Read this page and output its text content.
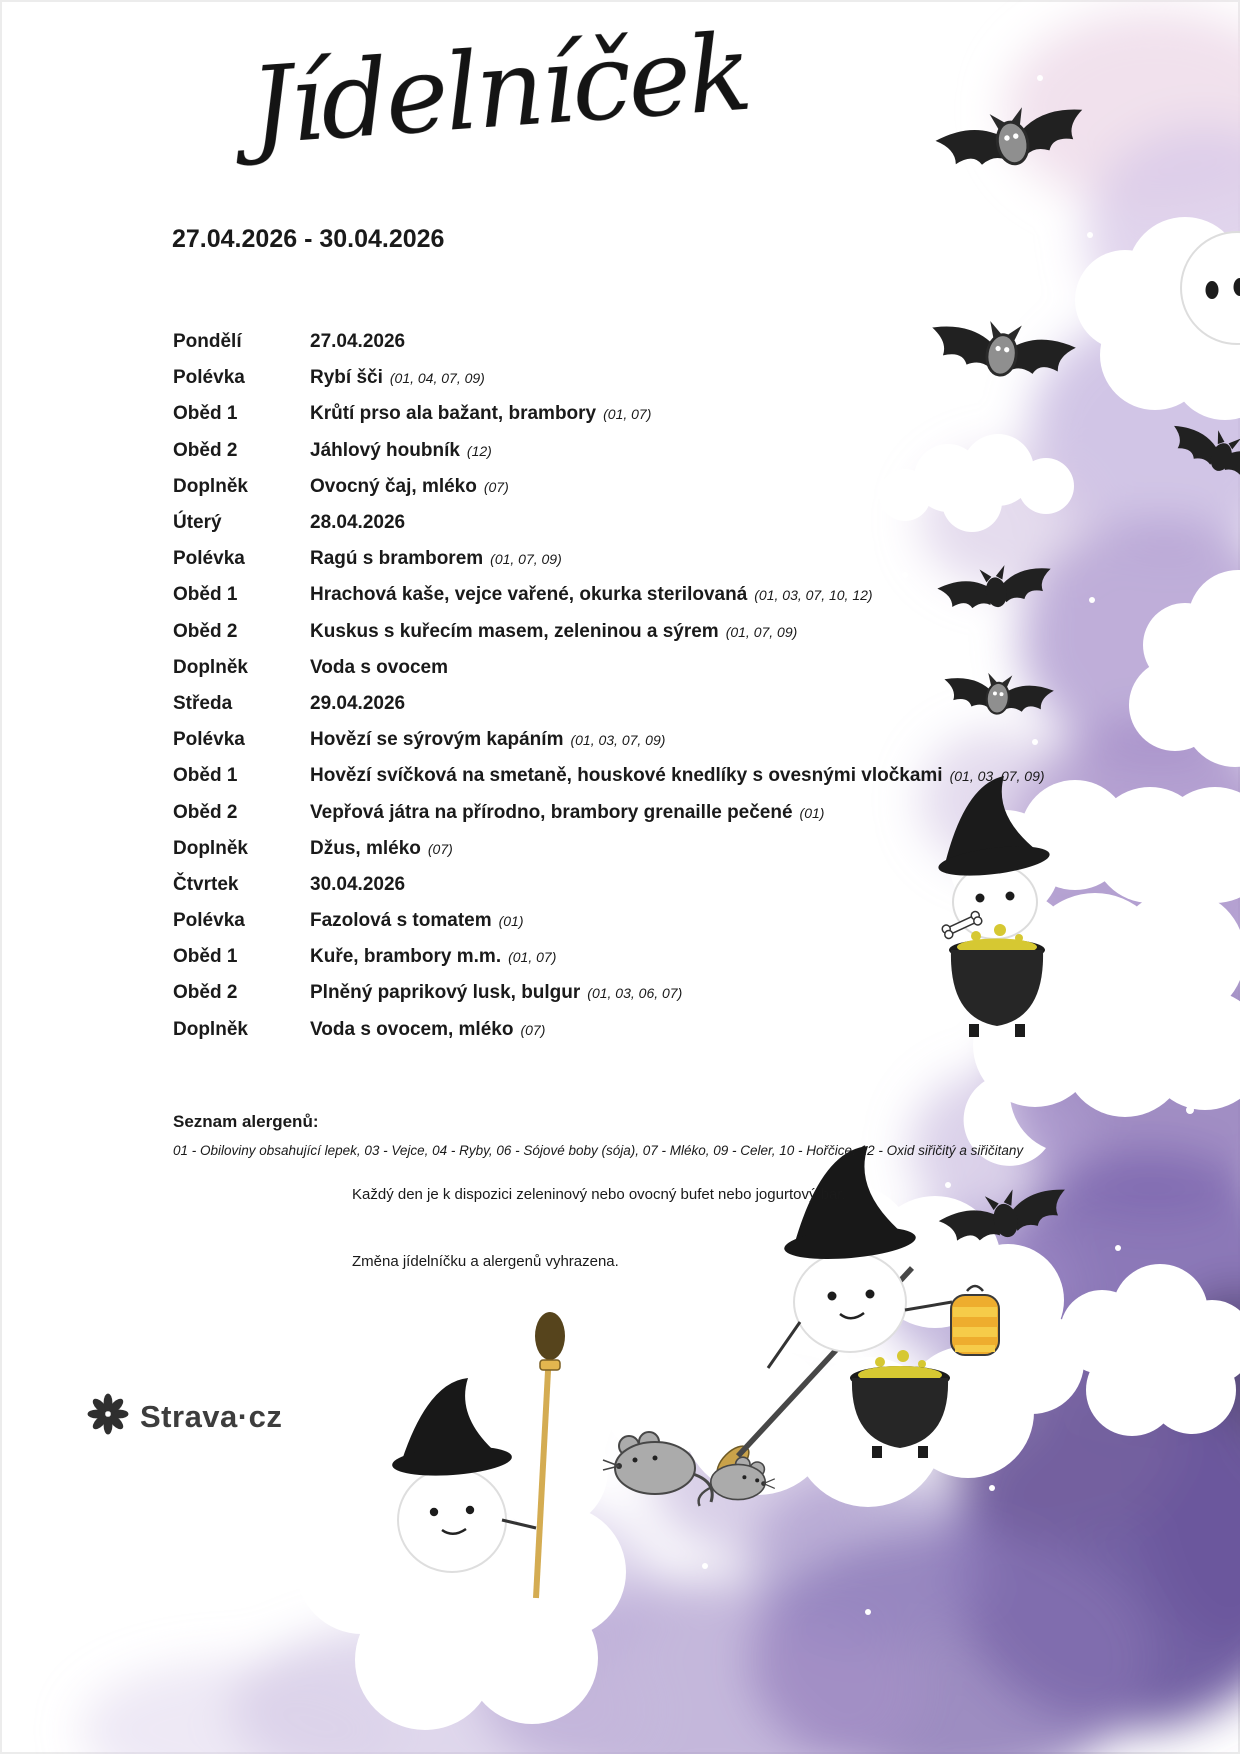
Jídelníček
27.04.2026 - 30.04.2026
Pondělí	27.04.2026
Polévka	Rybí šči (01, 04, 07, 09)
Oběd 1	Krůtí prso ala bažant, brambory (01, 07)
Oběd 2	Jáhlový houbník (12)
Doplněk	Ovocný čaj, mléko (07)
Úterý	28.04.2026
Polévka	Ragú s bramborem (01, 07, 09)
Oběd 1	Hrachová kaše, vejce vařené, okurka sterilovaná (01, 03, 07, 10, 12)
Oběd 2	Kuskus s kuřecím masem, zeleninou a sýrem (01, 07, 09)
Doplněk	Voda s ovocem
Středa	29.04.2026
Polévka	Hovězí se sýrovým kapáním (01, 03, 07, 09)
Oběd 1	Hovězí svíčková na smetaně, houskové knedlíky s ovesnými vločkami (01, 03, 07, 09)
Oběd 2	Vepřová játra na přírodno, brambory grenaille pečené (01)
Doplněk	Džus, mléko (07)
Čtvrtek	30.04.2026
Polévka	Fazolová s tomatem (01)
Oběd 1	Kuře, brambory m.m. (01, 07)
Oběd 2	Plněný paprikový lusk, bulgur (01, 03, 06, 07)
Doplněk	Voda s ovocem, mléko (07)
Seznam alergenů:
01 - Obiloviny obsahující lepek, 03 - Vejce, 04 - Ryby, 06 - Sójové boby (sója), 07 - Mléko, 09 - Celer, 10 - Hořčice, 12 - Oxid siřičitý a siřičitany
Každý den je k dispozici zeleninový nebo ovocný bufet nebo jogurtový bar.
Změna jídelníčku a alergenů vyhrazena.
Strava·cz
